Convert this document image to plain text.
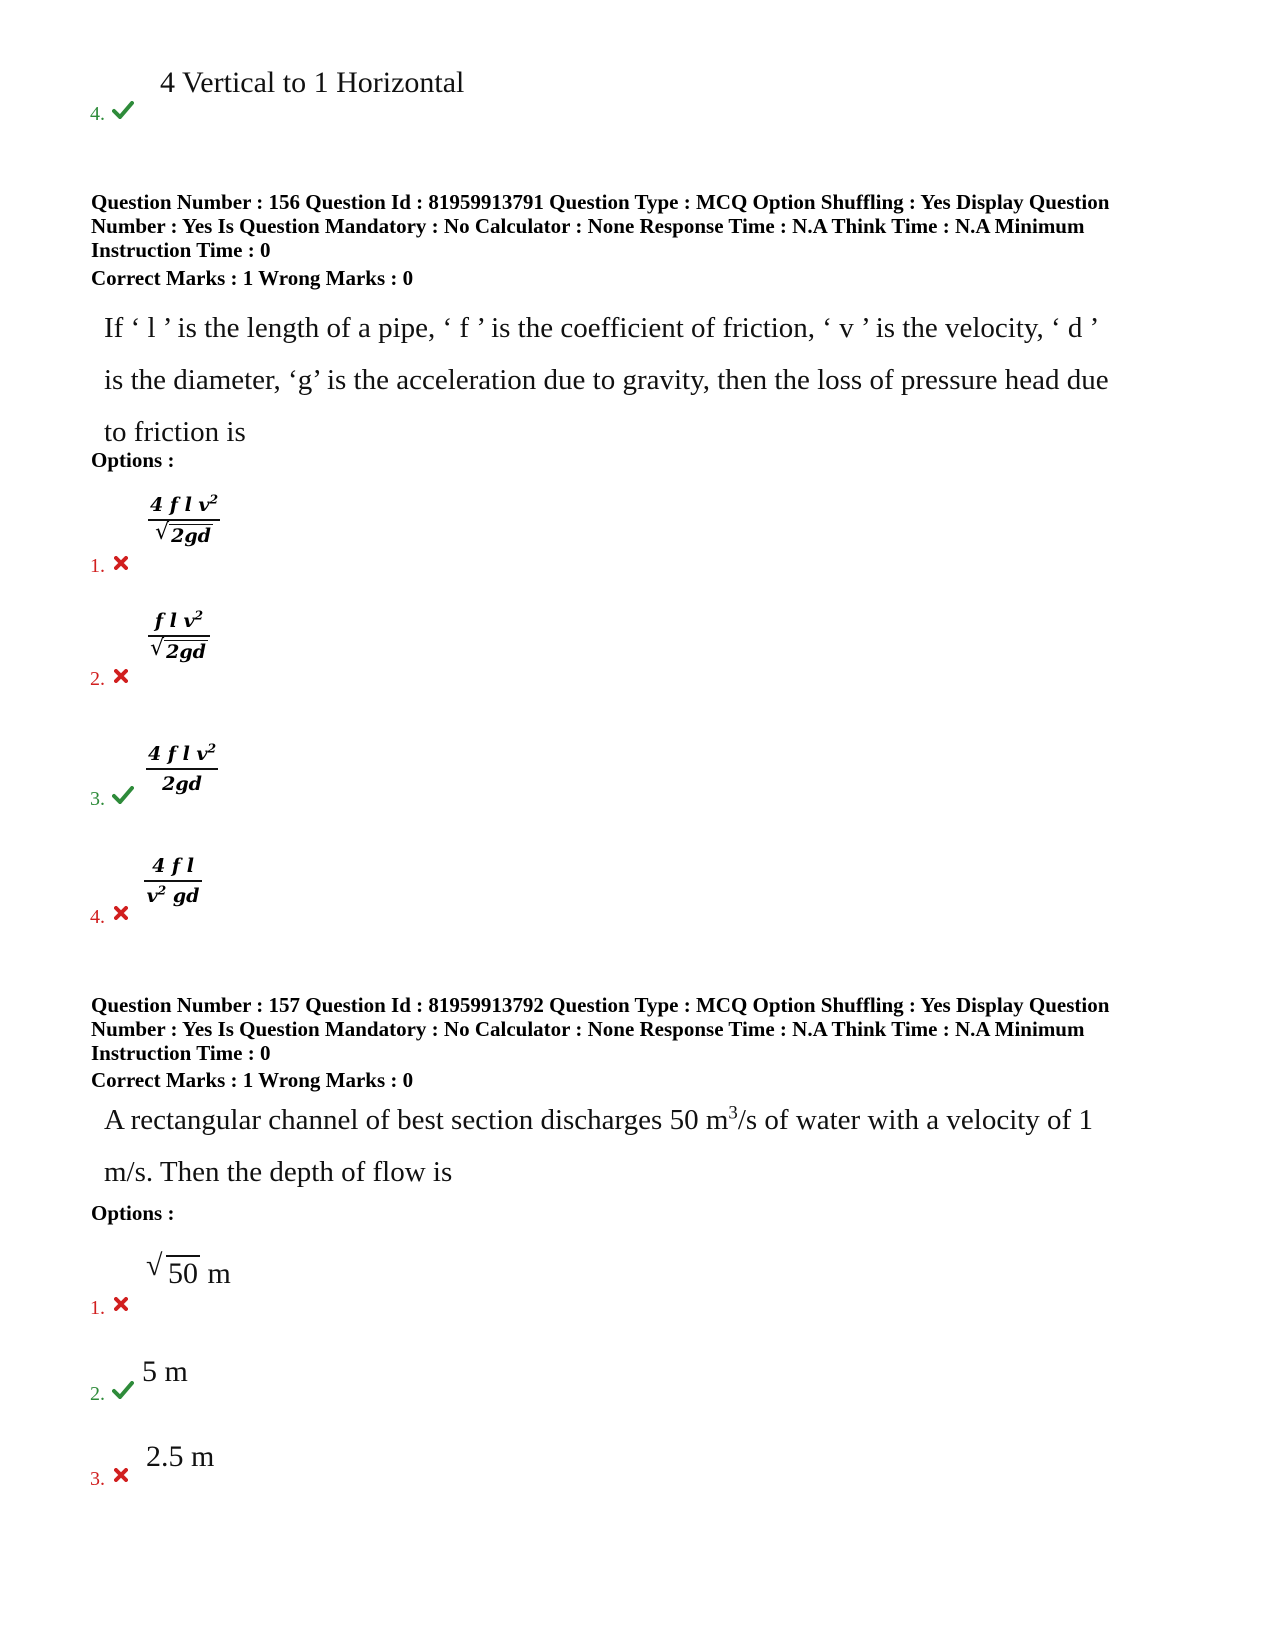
4 Vertical to 1 Horizontal
4.
Question Number : 156 Question Id : 81959913791 Question Type : MCQ Option Shuffling : Yes Display Question
Number : Yes Is Question Mandatory : No Calculator : None Response Time : N.A Think Time : N.A Minimum
Instruction Time : 0
Correct Marks : 1 Wrong Marks : 0
If ‘ l ’ is the length of a pipe, ‘ f ’ is the coefficient of friction, ‘ v ’ is the velocity, ‘ d ’
is the diameter, ‘g’ is the acceleration due to gravity, then the loss of pressure head due
to friction is
Options :
4 f l $v^2$
√ 2gd
1.
f l $v^2$
√ 2gd
2.
4 f l $v^2$
2gd
3.
4 f l
$v^2$ gd
4.
Question Number : 157 Question Id : 81959913792 Question Type : MCQ Option Shuffling : Yes Display Question
Number : Yes Is Question Mandatory : No Calculator : None Response Time : N.A Think Time : N.A Minimum
Instruction Time : 0
Correct Marks : 1 Wrong Marks : 0
A rectangular channel of best section discharges 50 $m^3/s$ of water with a velocity of 1
m/s. Then the depth of flow is
Options :
√ 50 m
1.
5 m
2.
2.5 m
3.
